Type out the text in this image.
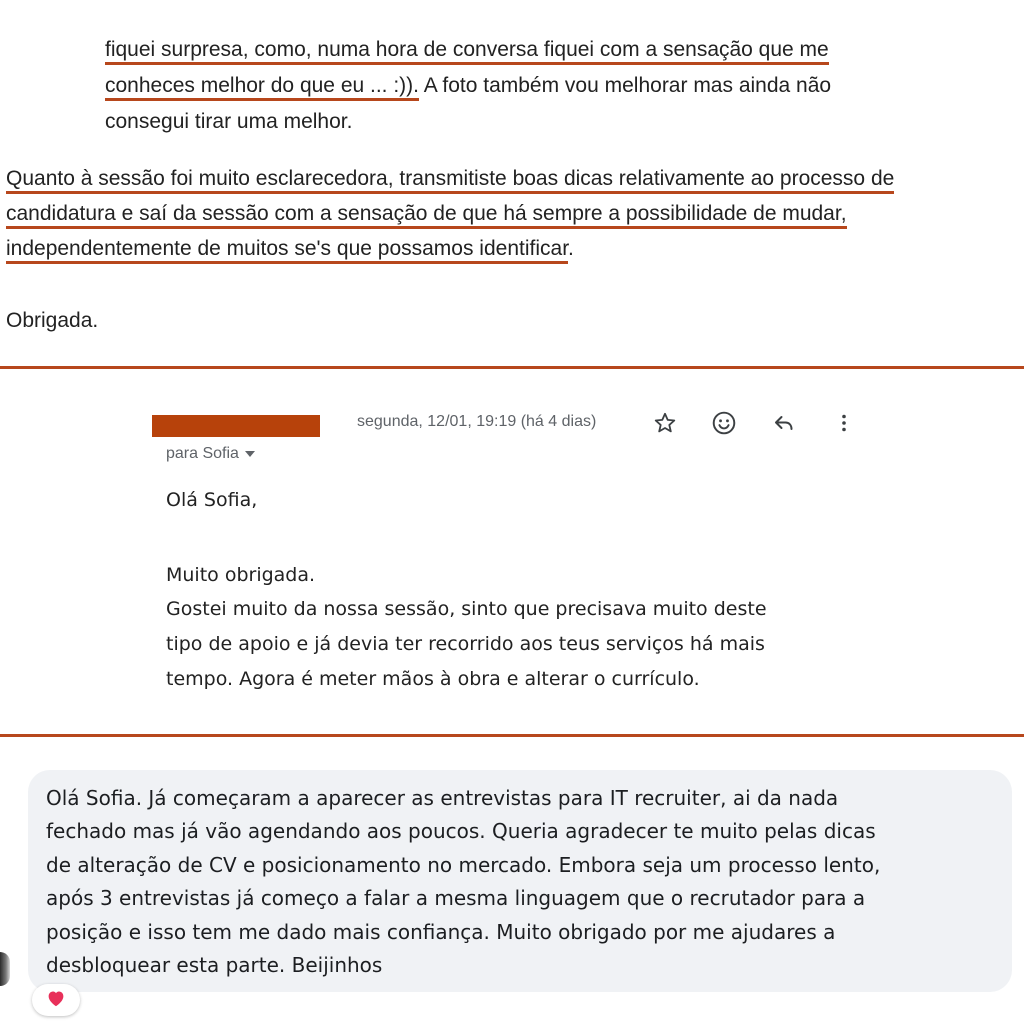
fiquei surpresa, como, numa hora de conversa fiquei com a sensação que me
conheces melhor do que eu ... :)). A foto também vou melhorar mas ainda não
consegui tirar uma melhor.
Quanto à sessão foi muito esclarecedora, transmitiste boas dicas relativamente ao processo de
candidatura e saí da sessão com a sensação de que há sempre a possibilidade de mudar,
independentemente de muitos se's que possamos identificar.
Obrigada.
segunda, 12/01, 19:19 (há 4 dias)
para Sofia
Olá Sofia,
Muito obrigada.
Gostei muito da nossa sessão, sinto que precisava muito deste
tipo de apoio e já devia ter recorrido aos teus serviços há mais
tempo. Agora é meter mãos à obra e alterar o currículo.
Olá Sofia. Já começaram a aparecer as entrevistas para IT recruiter, ai da nada
fechado mas já vão agendando aos poucos. Queria agradecer te muito pelas dicas
de alteração de CV e posicionamento no mercado. Embora seja um processo lento,
após 3 entrevistas já começo a falar a mesma linguagem que o recrutador para a
posição e isso tem me dado mais confiança. Muito obrigado por me ajudares a
desbloquear esta parte. Beijinhos
